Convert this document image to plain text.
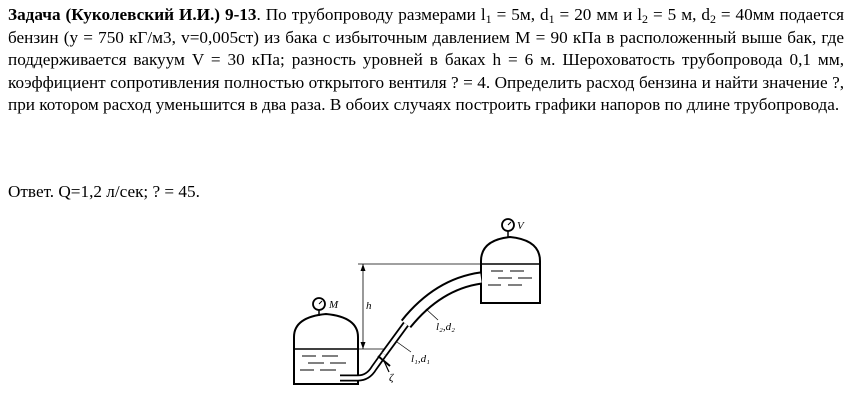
Задача (Куколевский И.И.) 9-13. По трубопроводу размерами $l_1 = 5м$, $d_1 = 20$ мм и $l_2 = 5$ м, $d_2 = 40мм$ подается бензин (у = 750 кГ/м3, v=0,005ст) из бака с избыточным давлением М = 90 кПа в расположенный выше бак, где поддерживается вакуум V = 30 кПа; разность уровней в баках h = 6 м. Шероховатость трубопровода 0,1 мм, коэффициент сопротивления полностью открытого вентиля ? = 4. Определить расход бензина и найти значение ?, при котором расход уменьшится в два раза. В обоих случаях построить графики напоров по длине трубопровода.
Ответ. Q=1,2 л/сек; ? = 45.
M
V
h
ζ
l₁,d₁
l₂,d₂
